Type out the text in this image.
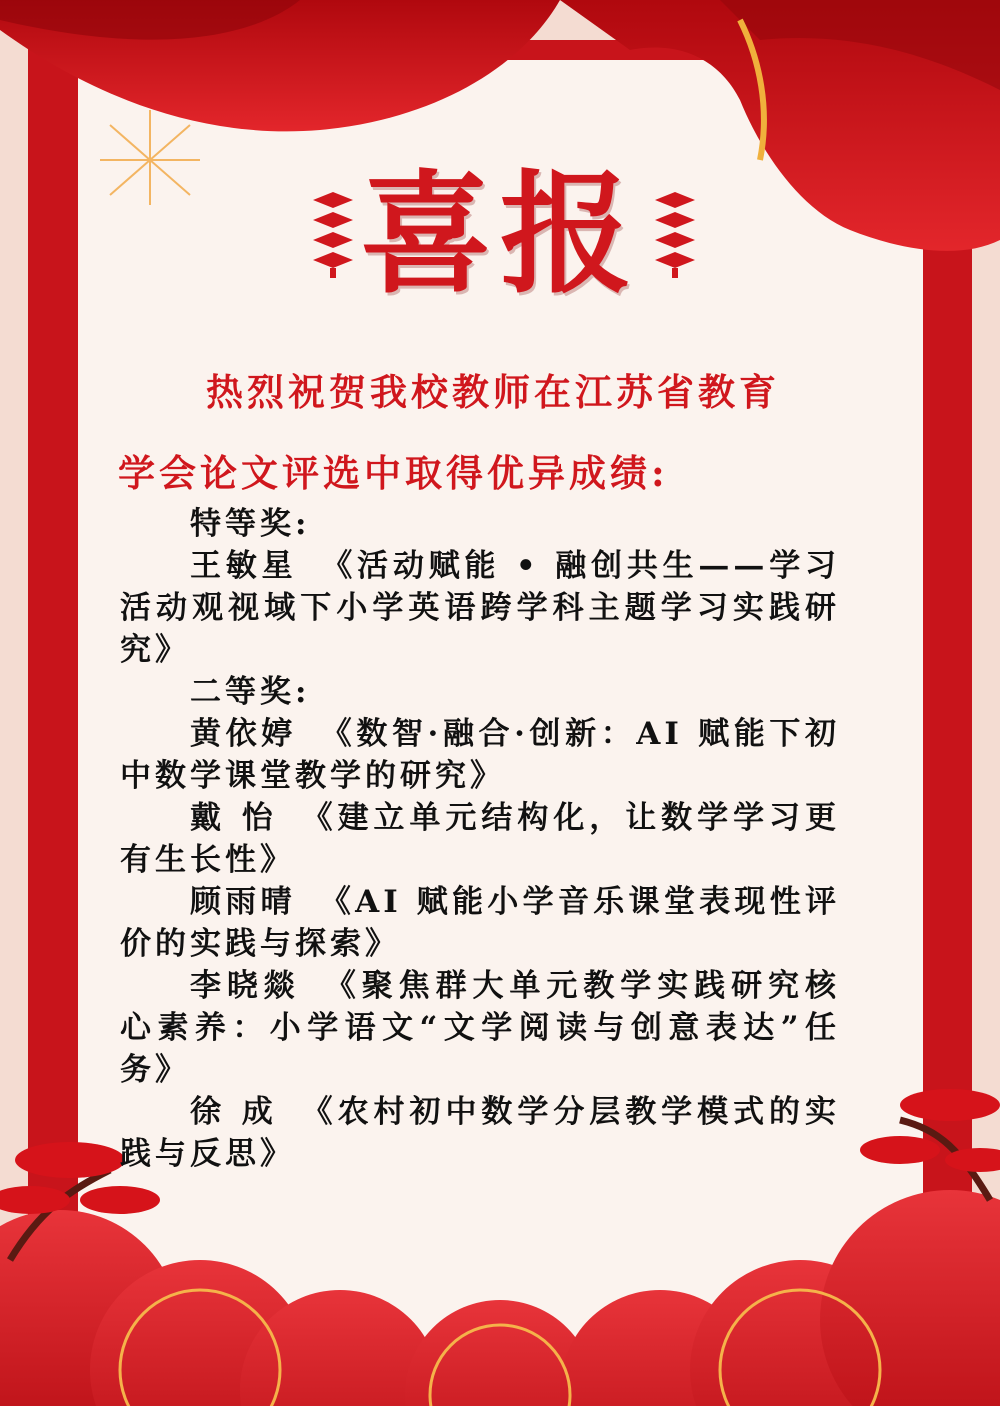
喜报
热烈祝贺我校教师在江苏省教育
学会论文评选中取得优异成绩:

特等奖:

王敏星 《活动赋能 • 融创共生——学习活动观视域下小学英语跨学科主题学习实践研究》

二等奖:

黄依婷 《数智·融合·创新：AI 赋能下初中数学课堂教学的研究》

戴 怡 《建立单元结构化，让数学学习更有生长性》

顾雨晴 《AI 赋能小学音乐课堂表现性评价的实践与探索》

李晓燚 《聚焦群大单元教学实践研究核心素养：小学语文“文学阅读与创意表达”任务》

徐 成 《农村初中数学分层教学模式的实践与反思》
